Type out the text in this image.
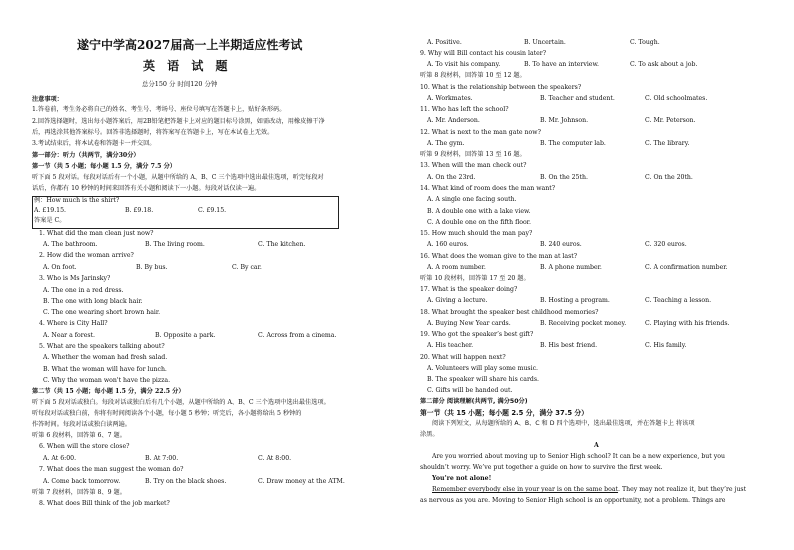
遂宁中学高2027届高一上半期适应性考试
英 语 试 题
总分150 分 时间120 分钟
注意事项：
1.答卷前，考生务必将自己的姓名、考生号、考场号、座位号填写在答题卡上，贴好条形码。
2.回答选择题时，选出每小题答案后，用2B铅笔把答题卡上对应的题目标号涂黑，如需改动，用橡皮擦干净
后，再选涂其他答案标号。回答非选择题时，将答案写在答题卡上，写在本试卷上无效。
3.考试结束后，将本试卷和答题卡一并交回。
第一部分：听力（共两节，满分30分）
第一节（共 5 小题；每小题 1.5 分，满分 7.5 分）
听下面 5 段对话。每段对话后有一个小题，从题中所给的 A、B、C 三个选项中选出最佳选项，听完每段对
话后，你都有 10 秒钟的时间来回答有关小题和阅读下一小题。每段对话仅读一遍。
例：How much is the shirt?
A. £19.15.	B. £9.18.	C. £9.15.
答案是 C。
1. What did the man clean just now?
A. The bathroom.	B. The living room.	C. The kitchen.
2. How did the woman arrive?
A. On foot.	B. By bus.	C. By car.
3. Who is Ms Jarinsky?
A. The one in a red dress.
B. The one with long black hair.
C. The one wearing short brown hair.
4. Where is City Hall?
A. Near a forest.	B. Opposite a park.	C. Across from a cinema.
5. What are the speakers talking about?
A. Whether the woman had fresh salad.
B. What the woman will have for lunch.
C. Why the woman won't have the pizza.
第二节（共 15 小题；每小题 1.5 分，满分 22.5 分）
听下面 5 段对话或独白。每段对话或独白后有几个小题，从题中所给的 A、B、C 三个选项中选出最佳选项。
听每段对话或独白前，你将有时间阅读各个小题，每小题 5 秒钟；听完后，各小题将给出 5 秒钟的
作答时间。每段对话或独白读两遍。
听第 6 段材料，回答第 6、7 题。
6. When will the store close?
A. At 6:00.	B. At 7:00.	C. At 8:00.
7. What does the man suggest the woman do?
A. Come back tomorrow.	B. Try on the black shoes.	C. Draw money at the ATM.
听第 7 段材料，回答第 8、9 题。
8. What does Bill think of the job market?
A. Positive.	B. Uncertain.	C. Tough.
9. Why will Bill contact his cousin later?
A. To visit his company.	B. To have an interview.	C. To ask about a job.
听第 8 段材料，回答第 10 至 12 题。
10. What is the relationship between the speakers?
A. Workmates.	B. Teacher and student.	C. Old schoolmates.
11. Who has left the school?
A. Mr. Anderson.	B. Mr. Johnson.	C. Mr. Peterson.
12. What is next to the man gate now?
A. The gym.	B. The computer lab.	C. The library.
听第 9 段材料，回答第 13 至 16 题。
13. When will the man check out?
A. On the 23rd.	B. On the 25th.	C. On the 20th.
14. What kind of room does the man want?
A. A single one facing south.
B. A double one with a lake view.
C. A double one on the fifth floor.
15. How much should the man pay?
A. 160 euros.	B. 240 euros.	C. 320 euros.
16. What does the woman give to the man at last?
A. A room number.	B. A phone number.	C. A confirmation number.
听第 10 段材料，回答第 17 至 20 题。
17. What is the speaker doing?
A. Giving a lecture.	B. Hosting a program.	C. Teaching a lesson.
18. What brought the speaker best childhood memories?
A. Buying New Year cards.	B. Receiving pocket money.	C. Playing with his friends.
19. Who got the speaker’s best gift?
A. His teacher.	B. His best friend.	C. His family.
20. What will happen next?
A. Volunteers will play some music.
B. The speaker will share his cards.
C. Gifts will be handed out.
第二部分 阅读理解(共两节, 满分50分)
第一节（共 15 小题；每小题 2.5 分，满分 37.5 分）
阅读下列短文，从每题所给的 A、B、C 和 D 四个选项中，选出最佳选项，并在答题卡上 将该项
涂黑。
A
Are you worried about moving up to Senior High school? It can be a new experience, but you
shouldn’t worry. We’ve put together a guide on how to survive the first week.
You’re not alone!
Remember everybody else in your year is on the same boat. They may not realize it, but they’re just
as nervous as you are. Moving to Senior High school is an opportunity, not a problem. Things are
